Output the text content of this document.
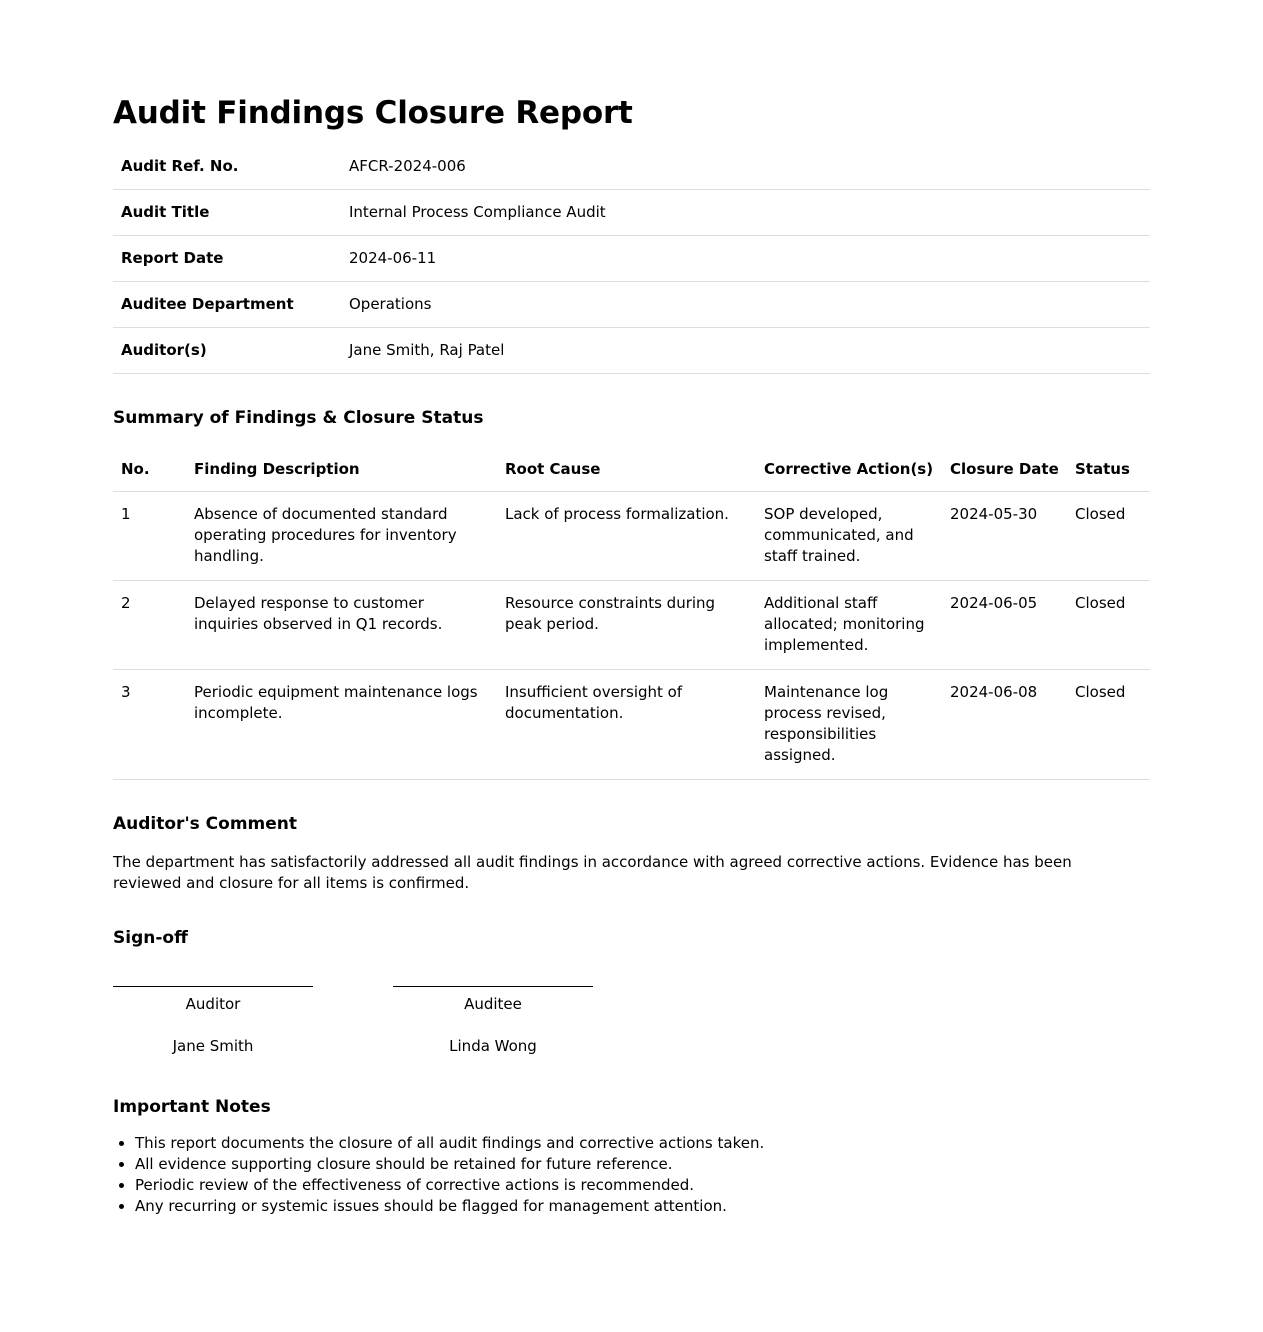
Audit Findings Closure Report
Audit Ref. No.	AFCR-2024-006
Audit Title	Internal Process Compliance Audit
Report Date	2024-06-11
Auditee Department	Operations
Auditor(s)	Jane Smith, Raj Patel
Summary of Findings & Closure Status
No.	Finding Description	Root Cause	Corrective Action(s)	Closure Date	Status
1	Absence of documented standard operating procedures for inventory handling.	Lack of process formalization.	SOP developed, communicated, and staff trained.	2024-05-30	Closed
2	Delayed response to customer inquiries observed in Q1 records.	Resource constraints during peak period.	Additional staff allocated; monitoring implemented.	2024-06-05	Closed
3	Periodic equipment maintenance logs incomplete.	Insufficient oversight of documentation.	Maintenance log process revised, responsibilities assigned.	2024-06-08	Closed
Auditor's Comment

The department has satisfactorily addressed all audit findings in accordance with agreed corrective actions. Evidence has been reviewed and closure for all items is confirmed.

Sign-off
Auditor
Jane Smith
Auditee
Linda Wong
Important Notes
• This report documents the closure of all audit findings and corrective actions taken.
• All evidence supporting closure should be retained for future reference.
• Periodic review of the effectiveness of corrective actions is recommended.
• Any recurring or systemic issues should be flagged for management attention.
